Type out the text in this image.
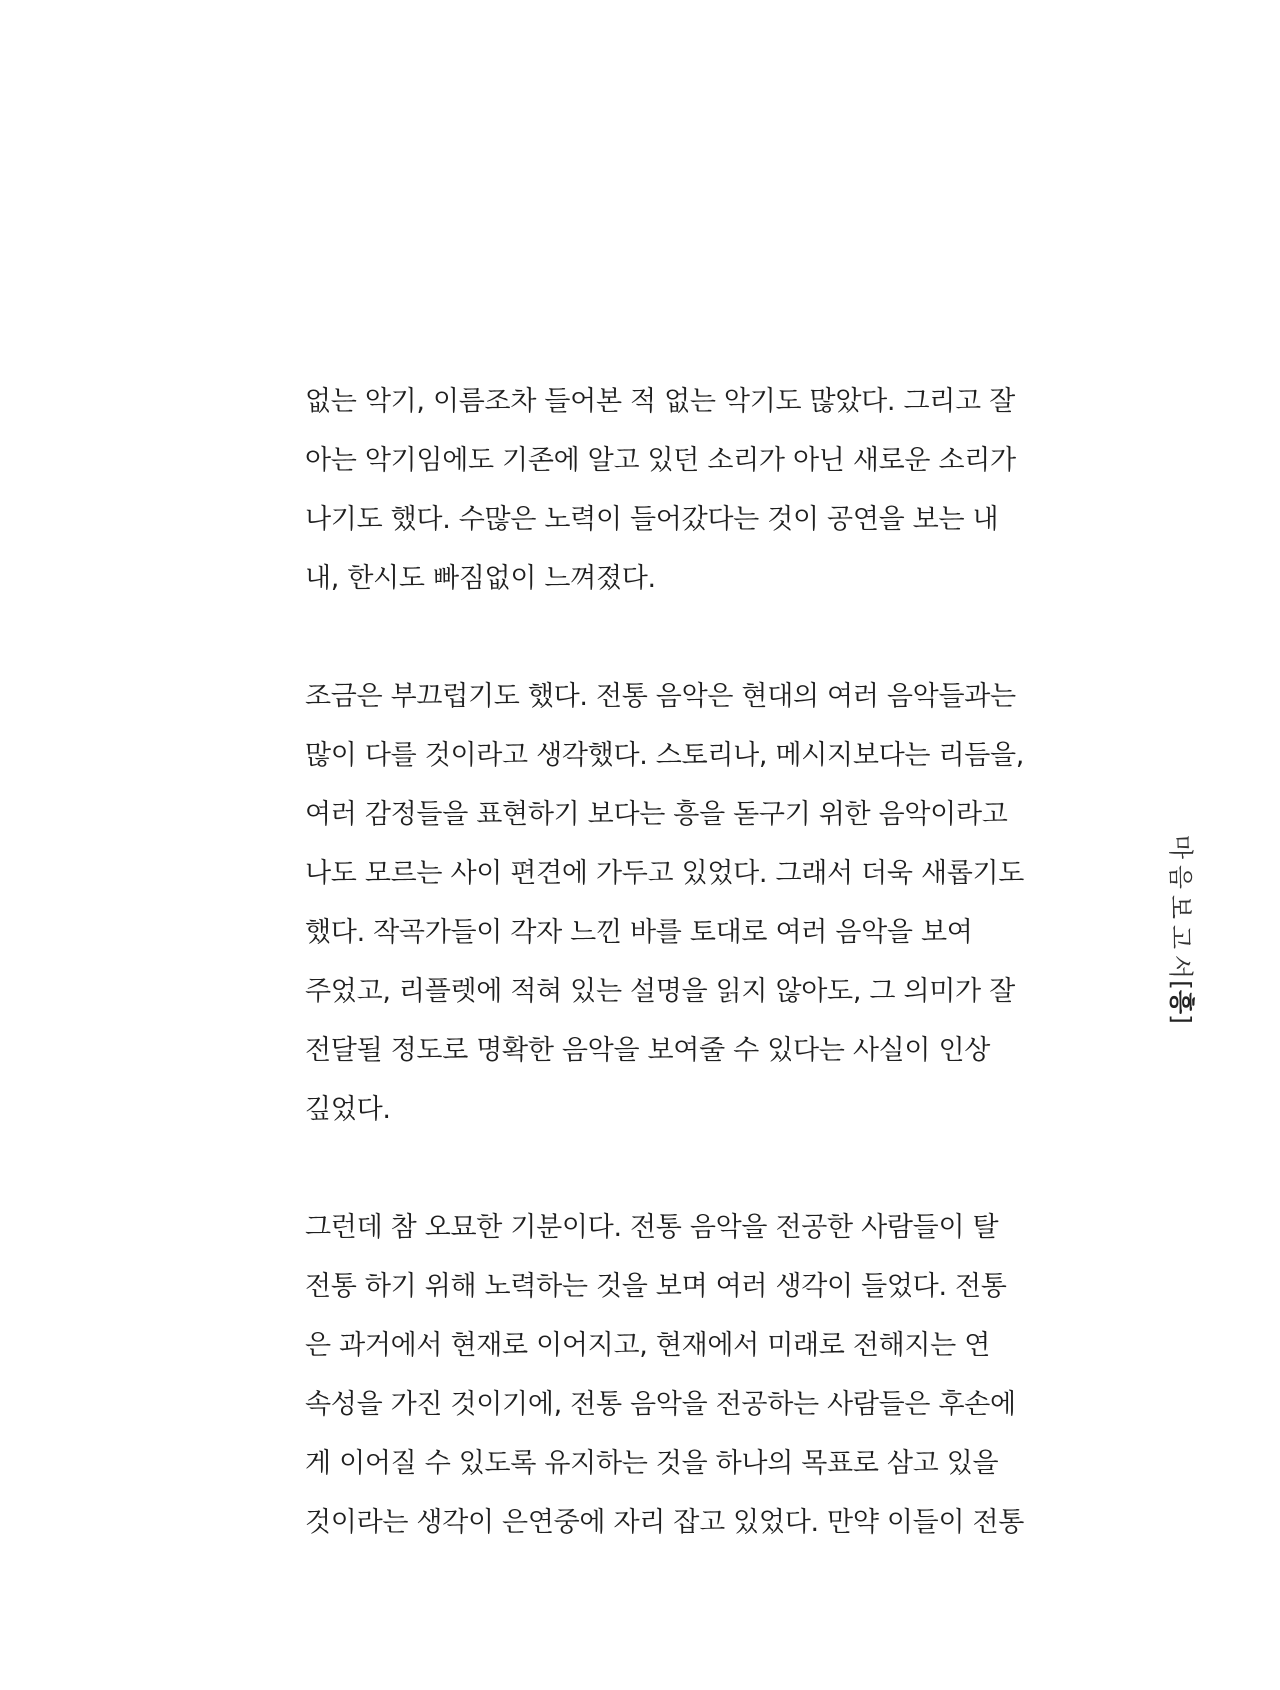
없는 악기, 이름조차 들어본 적 없는 악기도 많았다. 그리고 잘
아는 악기임에도 기존에 알고 있던 소리가 아닌 새로운 소리가
나기도 했다. 수많은 노력이 들어갔다는 것이 공연을 보는 내
내, 한시도 빠짐없이 느껴졌다.

조금은 부끄럽기도 했다. 전통 음악은 현대의 여러 음악들과는
많이 다를 것이라고 생각했다. 스토리나, 메시지보다는 리듬을,
여러 감정들을 표현하기 보다는 흥을 돋구기 위한 음악이라고
나도 모르는 사이 편견에 가두고 있었다. 그래서 더욱 새롭기도
했다. 작곡가들이 각자 느낀 바를 토대로 여러 음악을 보여
주었고, 리플렛에 적혀 있는 설명을 읽지 않아도, 그 의미가 잘
전달될 정도로 명확한 음악을 보여줄 수 있다는 사실이 인상
깊었다.

그런데 참 오묘한 기분이다. 전통 음악을 전공한 사람들이 탈
전통 하기 위해 노력하는 것을 보며 여러 생각이 들었다. 전통
은 과거에서 현재로 이어지고, 현재에서 미래로 전해지는 연
속성을 가진 것이기에, 전통 음악을 전공하는 사람들은 후손에
게 이어질 수 있도록 유지하는 것을 하나의 목표로 삼고 있을
것이라는 생각이 은연중에 자리 잡고 있었다. 만약 이들이 전통

마
음
보
고
서
[흥]
